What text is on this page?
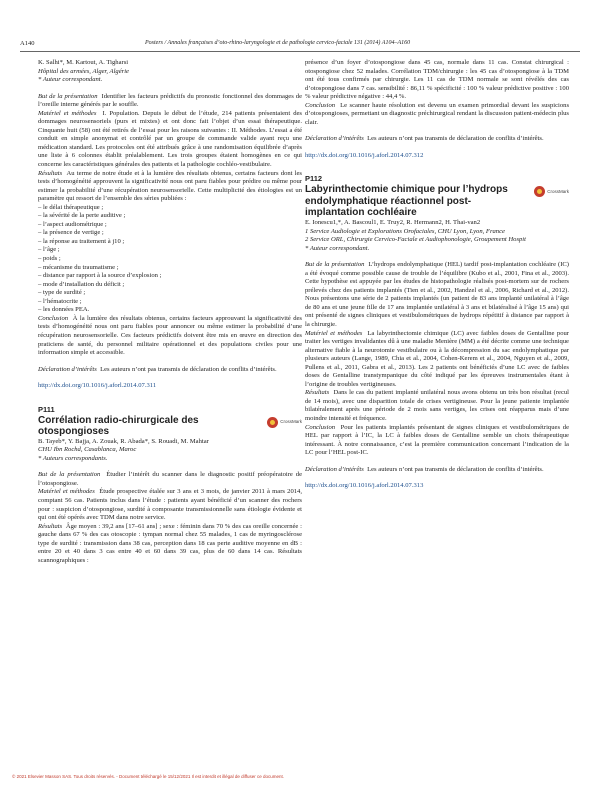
A140	Posters / Annales françaises d’oto-rhino-laryngologie et de pathologie cervico-faciale 131 (2014) A104–A160

K. Salhi*, M. Kartout, A. Tigharsi

Hôpital des armées, Alger, Algérie

* Auteur correspondant.

But de la présentation Identifier les facteurs prédictifs du pronostic fonctionnel des dommages de l’oreille interne générés par le souffle.

Matériel et méthodes I. Population. Depuis le début de l’étude, 214 patients présentaient des dommages neurosensoriels (purs et mixtes) et ont donc fait l’objet d’un essai thérapeutique. Cinquante huit (58) ont été retirés de l’essai pour les raisons suivantes : II. Méthodes. L’essai a été conduit en simple anonymat et contrôlé par un groupe de commande valide ayant reçu une médication standard. Les protocoles ont été attribués grâce à une randomisation équilibrée d’après une liste à 6 colonnes établit préalablement. Les trois groupes étaient homogènes en ce qui concerne les caractéristiques générales des patients et la pathologie cochléo-vestibulaire.

Résultats Au terme de notre étude et à la lumière des résultats obtenus, certains facteurs dont les tests d’homogénéité approuvent la significativité nous ont paru fiables pour prédire ou même pour estimer la probabilité d’une récupération neurosensorielle. Cette multiplicité des étiologies est un paramètre qui ressort de l’ensemble des séries publiées :

– le délai thérapeutique ;

– la sévérité de la perte auditive ;

– l’aspect audiométrique ;

– la présence de vertige ;

– la réponse au traitement à j10 ;

– l’âge ;

– poids ;

– mécanisme du traumatisme ;

– distance par rapport à la source d’explosion ;

– mode d’installation du déficit ;

– type de surdité ;

– l’hématocrite ;

– les données PEA.

Conclusion À la lumière des résultats obtenus, certains facteurs approuvant la significativité des tests d’homogénéité nous ont paru fiables pour annoncer ou même estimer la probabilité d’une récupération neurosensorielle. Ces facteurs prédictifs doivent être mis en œuvre en direction des praticiens de santé, du personnel militaire opérationnel et des populations civiles pour une information simple et accessible.

Déclaration d’intérêts Les auteurs n’ont pas transmis de déclaration de conflits d’intérêts.

http://dx.doi.org/10.1016/j.aforl.2014.07.311

P111

Corrélation radio-chirurgicale des otospongioses

CrossMark

B. Tayeb*, Y. Bajja, A. Zouak, R. Abada*, S. Rouadi, M. Mahtar

CHU Ibn Rochd, Casablanca, Maroc

* Auteurs correspondants.

But de la présentation Étudier l’intérêt du scanner dans le diagnostic positif préopératoire de l’otospongiose.

Matériel et méthodes Étude prospective étalée sur 3 ans et 3 mois, de janvier 2011 à mars 2014, comptant 56 cas. Patients inclus dans l’étude : patients ayant bénéficié d’un scanner des rochers pour : suspicion d’otospongiose, surdité à composante transmissionnelle sans étiologie évidente et qui ont été opérés avec TDM dans notre service.

Résultats Âge moyen : 39,2 ans [17–61 ans] ; sexe : féminin dans 70 % des cas oreille concernée : gauche dans 67 % des cas otoscopie : tympan normal chez 55 malades, 1 cas de myringosclérose type de surdité : transmission dans 38 cas, perception dans 18 cas perte auditive moyenne en dB : entre 20 et 40 dans 3 cas entre 40 et 60 dans 39 cas, plus de 60 dans 14 cas. Résultats scannographiques :

présence d’un foyer d’otospongiose dans 45 cas, normale dans 11 cas. Constat chirurgical : otospongiose chez 52 malades. Corrélation TDM/chirurgie : les 45 cas d’otospongiose à la TDM ont été tous confirmés par chirurgie. Les 11 cas de TDM normale se sont révélés des cas d’otospongiose dans 7 cas. sensibilité : 86,11 % spécificité : 100 % valeur prédictive positive : 100 % valeur prédictive négative : 44,4 %.

Conclusion Le scanner haute résolution est devenu un examen primordial devant les suspicions d’otospongioses, permettant un diagnostic préchirurgical rendant la discussion patient-médecin plus clair.

Déclaration d’intérêts Les auteurs n’ont pas transmis de déclaration de conflits d’intérêts.

http://dx.doi.org/10.1016/j.aforl.2014.07.312

P112

Labyrinthectomie chimique pour l’hydrops endolymphatique réactionnel post-implantation cochléaire

CrossMark

E. Ionescu1,*, A. Bascoul1, E. Truy2, R. Hermann2, H. Thai-van2

1 Service Audiologie et Explorations Orofaciales, CHU Lyon, Lyon, France

2 Service ORL, Chirurgie Cervico-Faciale et Audiophonologie, Groupement Hospit

* Auteur correspondant.

But de la présentation L’hydrops endolymphatique (HEL) tardif post-implantation cochléaire (IC) a été évoqué comme possible cause de trouble de l’équilibre (Kubo et al., 2001, Fina et al., 2003). Cette hypothèse est appuyée par les études de histopathologie réalisés post-mortem sur de rochers prélevés chez des patients implantés (Tien et al., 2002, Handzel et al., 2006, Richard et al., 2012). Nous présentons une série de 2 patients implantés (un patient de 83 ans implanté unilatéral à l’âge de 80 ans et une jeune fille de 17 ans implantée unilatéral à 3 ans et bilatéralisé à l’âge 15 ans) qui ont présenté de signes cliniques et vestibulométriques de hydrops répétitif à distance par rapport à la chirurgie.

Matériel et méthodes La labyrinthectomie chimique (LC) avec faibles doses de Gentalline pour traiter les vertiges invalidantes dû à une maladie Menière (MM) a été décrite comme une technique alternative fiable à la neurotomie vestibulaire ou à la décompression du sac endolymphatique par plusieurs auteurs (Lange, 1989, Chia et al., 2004, Cohen-Kerem et al., 2004, Nguyen et al., 2009, Pullens et al., 2011, Gabra et al., 2013). Les 2 patients ont bénéficiés d’une LC avec de faibles doses de Gentalline transtympanique du côté indiqué par les épreuves instrumentales étant à l’origine de troubles vertigineuses.

Résultats Dans le cas du patient implanté unilatéral nous avons obtenu un très bon résultat (recul de 14 mois), avec une disparition totale de crises vertigineuse. Pour la jeune patiente implantée bilatéralement après une période de 2 mois sans vertiges, les crises ont réapparus mais d’une moindre intensité et fréquence.

Conclusion Pour les patients implantés présentant de signes cliniques et vestibulométriques de HEL par rapport à l’IC, la LC à faibles doses de Gentalline semble un choix thérapeutique intéressant. À notre connaissance, c’est la première communication concernant l’indication de la LC pour l’HEL post-IC.

Déclaration d’intérêts Les auteurs n’ont pas transmis de déclaration de conflits d’intérêts.

http://dx.doi.org/10.1016/j.aforl.2014.07.313

© 2021 Elsevier Masson SAS. Tous droits réservés. - Document téléchargé le 15/12/2021 Il est interdit et illégal de diffuser ce document.
